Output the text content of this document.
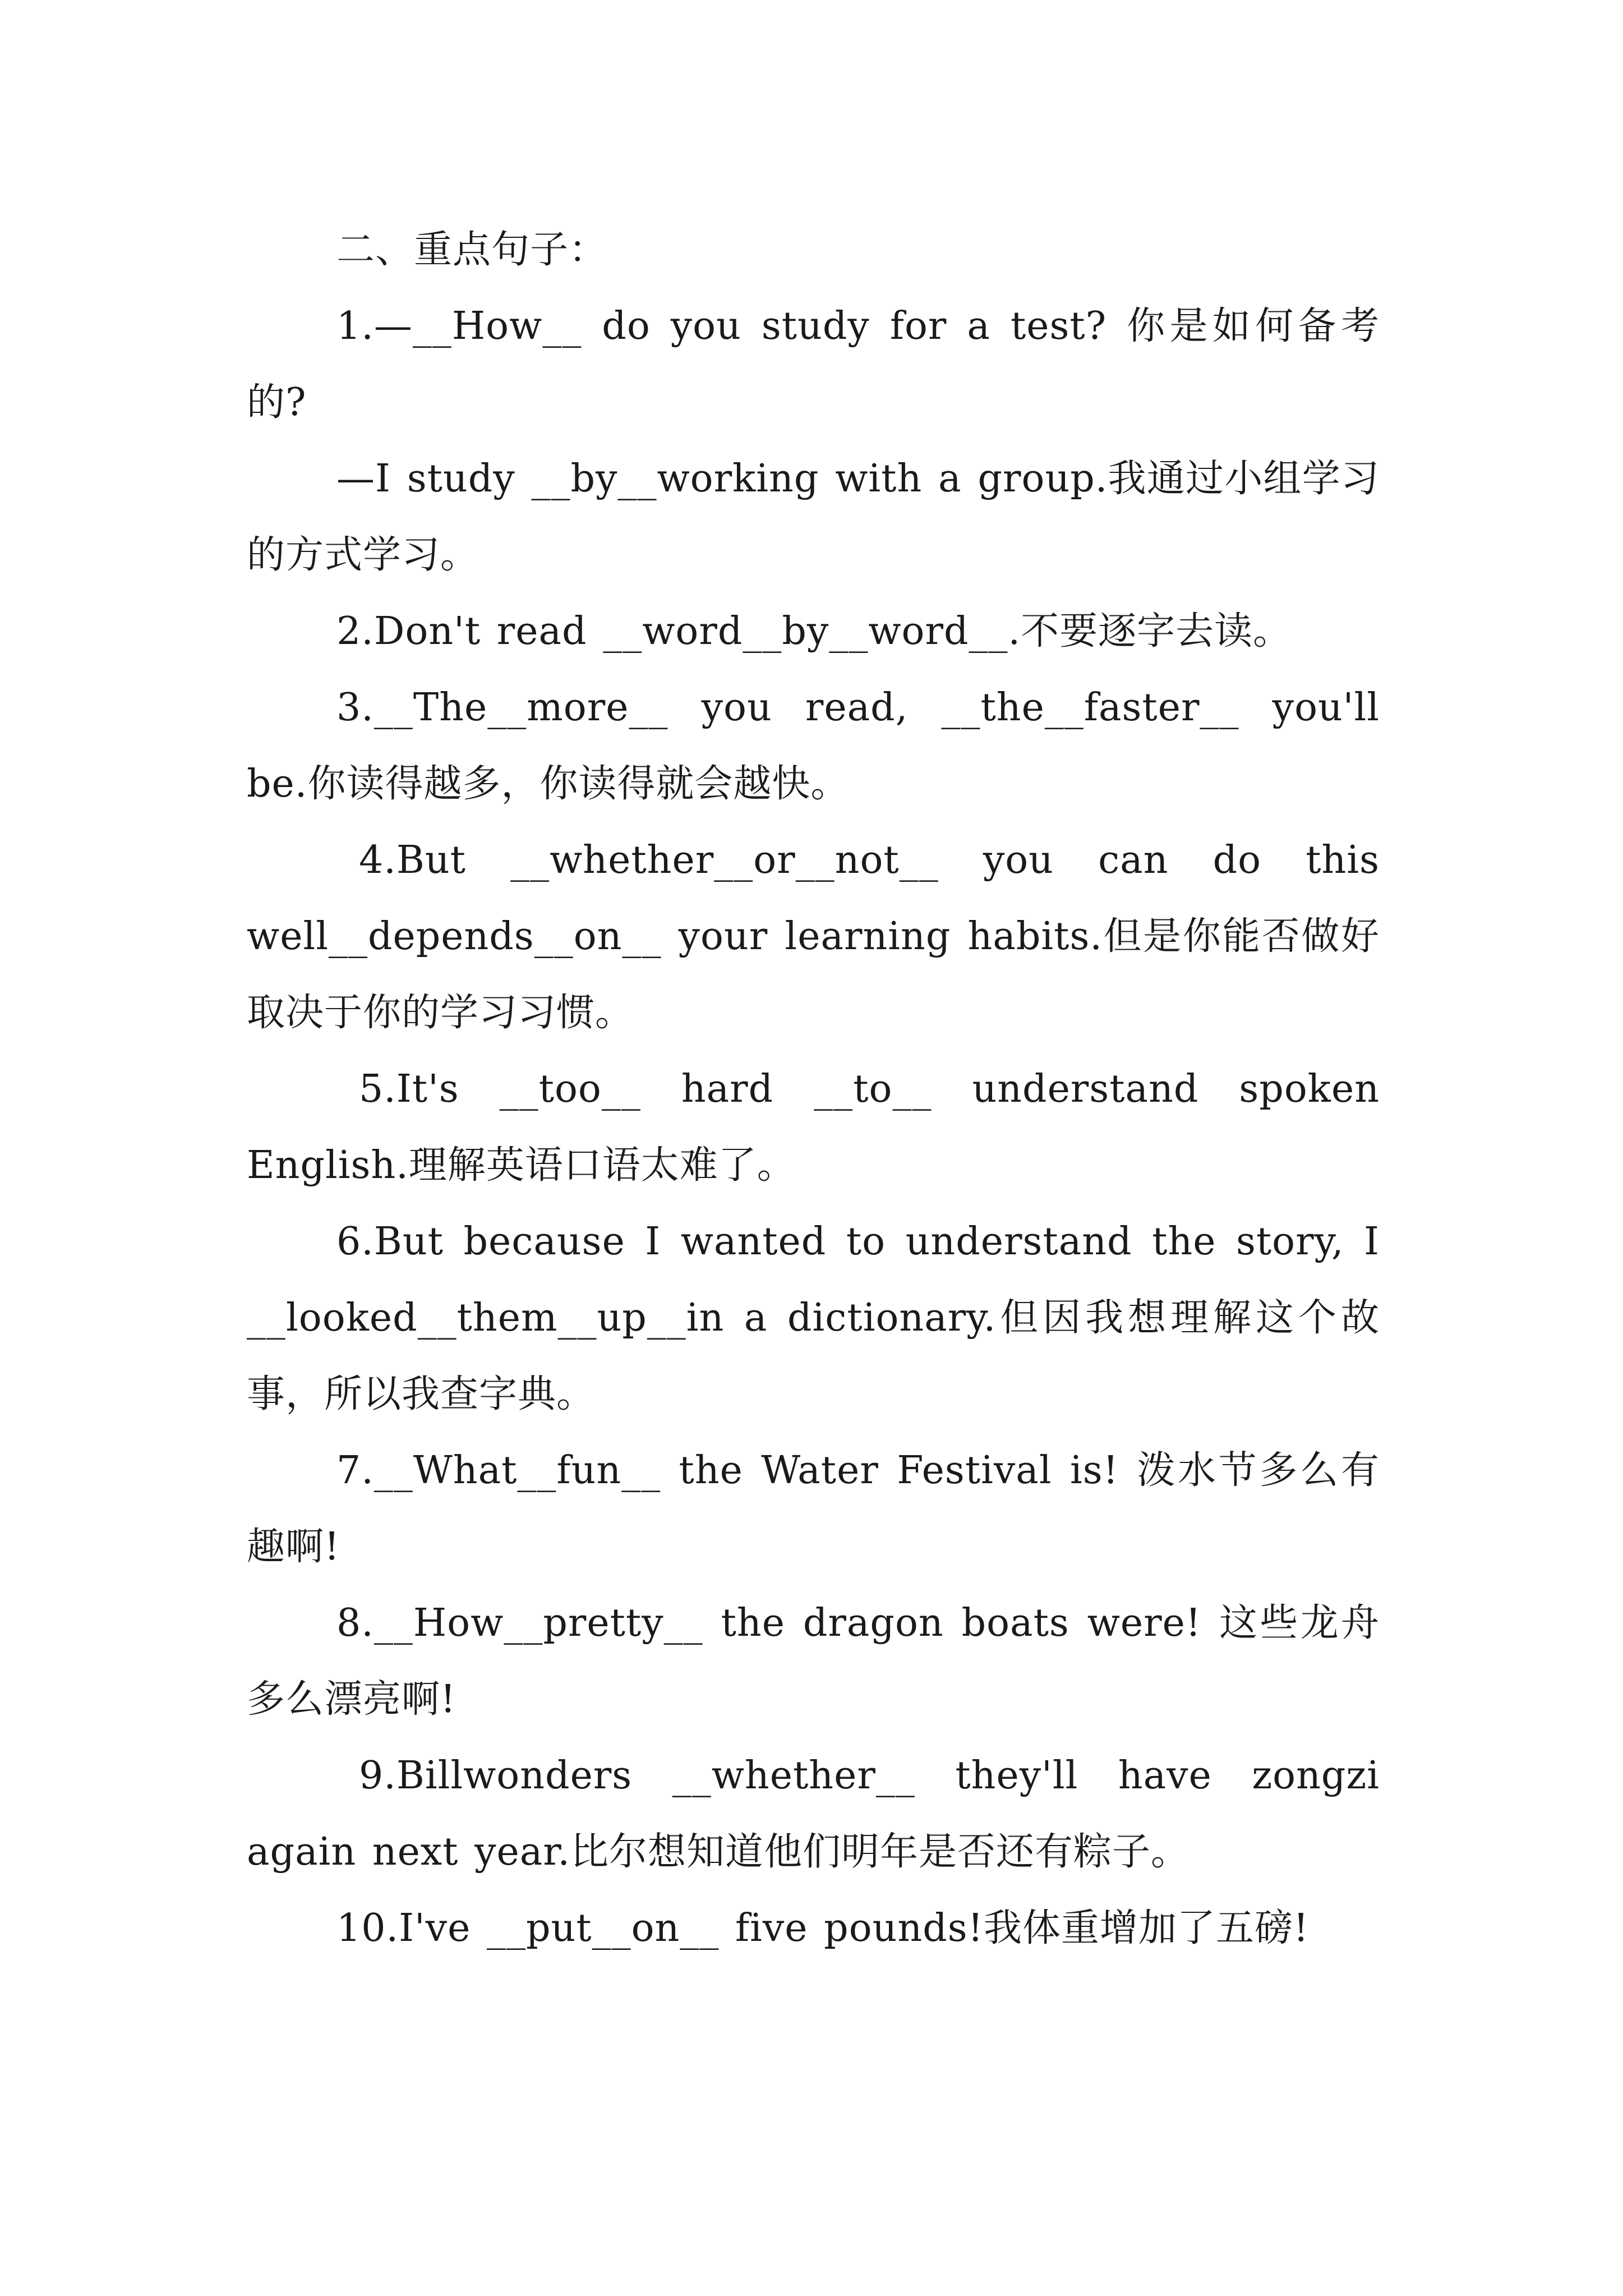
二、重点句子：

1.—__How__ do you study for a test? 你是如何备考的?

—I study __by__working with a group.我通过小组学习的方式学习。

2.Don't read __word__by__word__.不要逐字去读。

3.__The__more__ you read, __the__faster__ you'll be.你读得越多，你读得就会越快。

4.But __whether__or__not__ you can do this well__depends__on__ your learning habits.但是你能否做好取决于你的学习习惯。

5.It's __too__ hard __to__ understand spoken English.理解英语口语太难了。

6.But because I wanted to understand the story, I __looked__them__up__in a dictionary.但因我想理解这个故事，所以我查字典。

7.__What__fun__ the Water Festival is! 泼水节多么有趣啊!

8.__How__pretty__ the dragon boats were! 这些龙舟多么漂亮啊!

9.Billwonders __whether__ they'll have zongzi again next year.比尔想知道他们明年是否还有粽子。

10.I've __put__on__ five pounds!我体重增加了五磅!
